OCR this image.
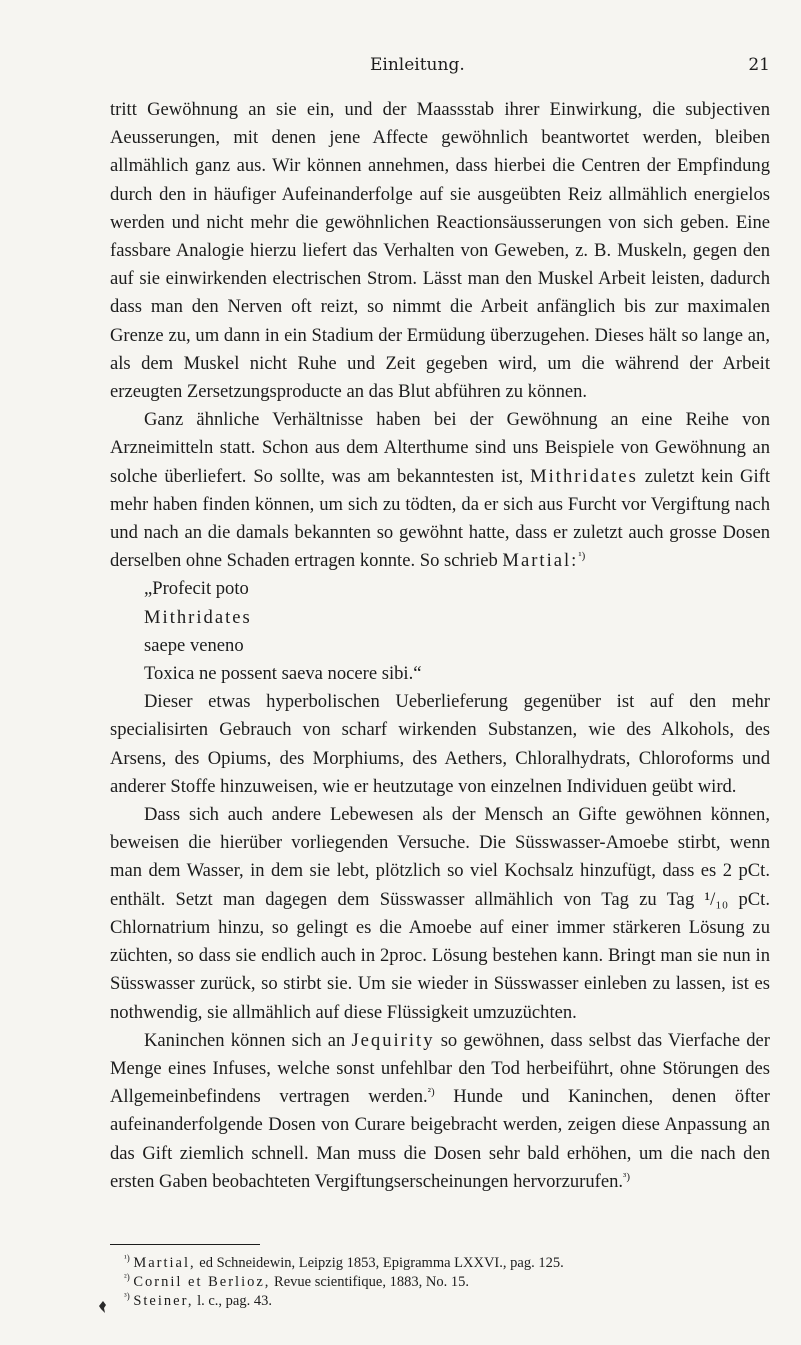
Einleitung.	21

tritt Gewöhnung an sie ein, und der Maassstab ihrer Einwirkung, die subjectiven Aeusserungen, mit denen jene Affecte gewöhnlich beantwortet werden, bleiben allmählich ganz aus. Wir können annehmen, dass hierbei die Centren der Empfindung durch den in häufiger Aufeinanderfolge auf sie ausgeübten Reiz allmählich energielos werden und nicht mehr die gewöhnlichen Reactionsäusserungen von sich geben. Eine fassbare Analogie hierzu liefert das Verhalten von Geweben, z. B. Muskeln, gegen den auf sie einwirkenden electrischen Strom. Lässt man den Muskel Arbeit leisten, dadurch dass man den Nerven oft reizt, so nimmt die Arbeit anfänglich bis zur maximalen Grenze zu, um dann in ein Stadium der Ermüdung überzugehen. Dieses hält so lange an, als dem Muskel nicht Ruhe und Zeit gegeben wird, um die während der Arbeit erzeugten Zersetzungsproducte an das Blut abführen zu können.

Ganz ähnliche Verhältnisse haben bei der Gewöhnung an eine Reihe von Arzneimitteln statt. Schon aus dem Alterthume sind uns Beispiele von Gewöhnung an solche überliefert. So sollte, was am bekanntesten ist, Mithridates zuletzt kein Gift mehr haben finden können, um sich zu tödten, da er sich aus Furcht vor Vergiftung nach und nach an die damals bekannten so gewöhnt hatte, dass er zuletzt auch grosse Dosen derselben ohne Schaden ertragen konnte. So schrieb Martial:$^{^1)}$

„Profecit poto
Mithridates
saepe veneno
Toxica ne possent saeva nocere sibi.“

Dieser etwas hyperbolischen Ueberlieferung gegenüber ist auf den mehr specialisirten Gebrauch von scharf wirkenden Substanzen, wie des Alkohols, des Arsens, des Opiums, des Morphiums, des Aethers, Chloralhydrats, Chloroforms und anderer Stoffe hinzuweisen, wie er heutzutage von einzelnen Individuen geübt wird.

Dass sich auch andere Lebewesen als der Mensch an Gifte gewöhnen können, beweisen die hierüber vorliegenden Versuche. Die Süsswasser-Amoebe stirbt, wenn man dem Wasser, in dem sie lebt, plötzlich so viel Kochsalz hinzufügt, dass es 2 pCt. enthält. Setzt man dagegen dem Süsswasser allmählich von Tag zu Tag ¹/₁₀ pCt. Chlornatrium hinzu, so gelingt es die Amoebe auf einer immer stärkeren Lösung zu züchten, so dass sie endlich auch in 2proc. Lösung bestehen kann. Bringt man sie nun in Süsswasser zurück, so stirbt sie. Um sie wieder in Süsswasser einleben zu lassen, ist es nothwendig, sie allmählich auf diese Flüssigkeit umzuzüchten.

Kaninchen können sich an Jequirity so gewöhnen, dass selbst das Vierfache der Menge eines Infuses, welche sonst unfehlbar den Tod herbeiführt, ohne Störungen des Allgemeinbefindens vertragen werden.$^{^2)}$ Hunde und Kaninchen, denen öfter aufeinanderfolgende Dosen von Curare beigebracht werden, zeigen diese Anpassung an das Gift ziemlich schnell. Man muss die Dosen sehr bald erhöhen, um die nach den ersten Gaben beobachteten Vergiftungserscheinungen hervorzurufen.$^{^3)}$

$^{^1)}$ Martial, ed Schneidewin, Leipzig 1853, Epigramma LXXVI., pag. 125.
$^{^2)}$ Cornil et Berlioz, Revue scientifique, 1883, No. 15.
$^{^3)}$ Steiner, l. c., pag. 43.
